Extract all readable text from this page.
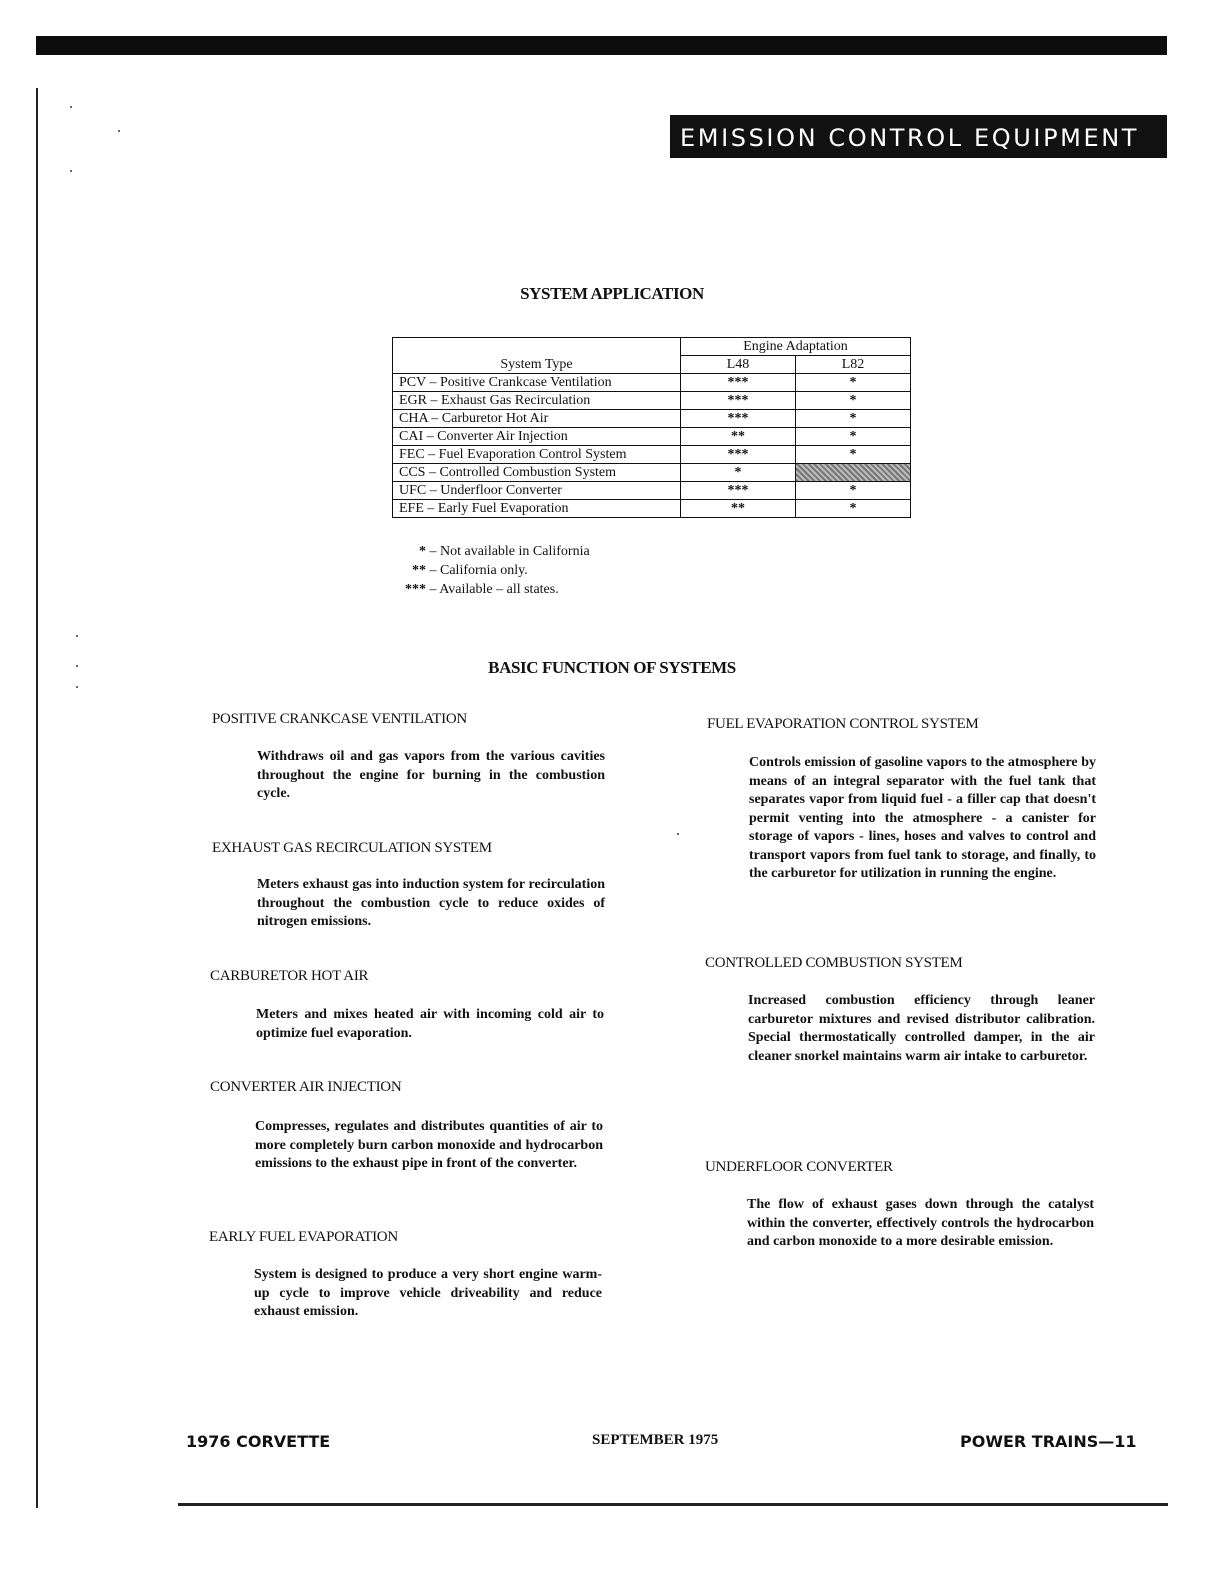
EMISSION CONTROL EQUIPMENT
SYSTEM APPLICATION
System Type	Engine Adaptation	
	L48	L82
PCV – Positive Crankcase Ventilation	***	*
EGR – Exhaust Gas Recirculation	***	*
CHA – Carburetor Hot Air	***	*
CAI – Converter Air Injection	**	*
FEC – Fuel Evaporation Control System	***	*
CCS – Controlled Combustion System	*	
UFC – Underfloor Converter	***	*
EFE – Early Fuel Evaporation	**	*
* – Not available in California
** – California only.
*** – Available – all states.
BASIC FUNCTION OF SYSTEMS
POSITIVE CRANKCASE VENTILATION
Withdraws oil and gas vapors from the various cavities throughout the engine for burning in the combustion cycle.
EXHAUST GAS RECIRCULATION SYSTEM
Meters exhaust gas into induction system for recirculation throughout the combustion cycle to reduce oxides of nitrogen emissions.
CARBURETOR HOT AIR
Meters and mixes heated air with incoming cold air to optimize fuel evaporation.
CONVERTER AIR INJECTION
Compresses, regulates and distributes quantities of air to more completely burn carbon monoxide and hydrocarbon emissions to the exhaust pipe in front of the converter.
EARLY FUEL EVAPORATION
System is designed to produce a very short engine warm-up cycle to improve vehicle driveability and reduce exhaust emission.
FUEL EVAPORATION CONTROL SYSTEM
Controls emission of gasoline vapors to the atmosphere by means of an integral separator with the fuel tank that separates vapor from liquid fuel - a filler cap that doesn't permit venting into the atmosphere - a canister for storage of vapors - lines, hoses and valves to control and transport vapors from fuel tank to storage, and finally, to the carburetor for utilization in running the engine.
CONTROLLED COMBUSTION SYSTEM
Increased combustion efficiency through leaner carburetor mixtures and revised distributor calibration. Special thermostatically controlled damper, in the air cleaner snorkel maintains warm air intake to carburetor.
UNDERFLOOR CONVERTER
The flow of exhaust gases down through the catalyst within the converter, effectively controls the hydrocarbon and carbon monoxide to a more desirable emission.
1976 CORVETTE	SEPTEMBER 1975	POWER TRAINS—11
